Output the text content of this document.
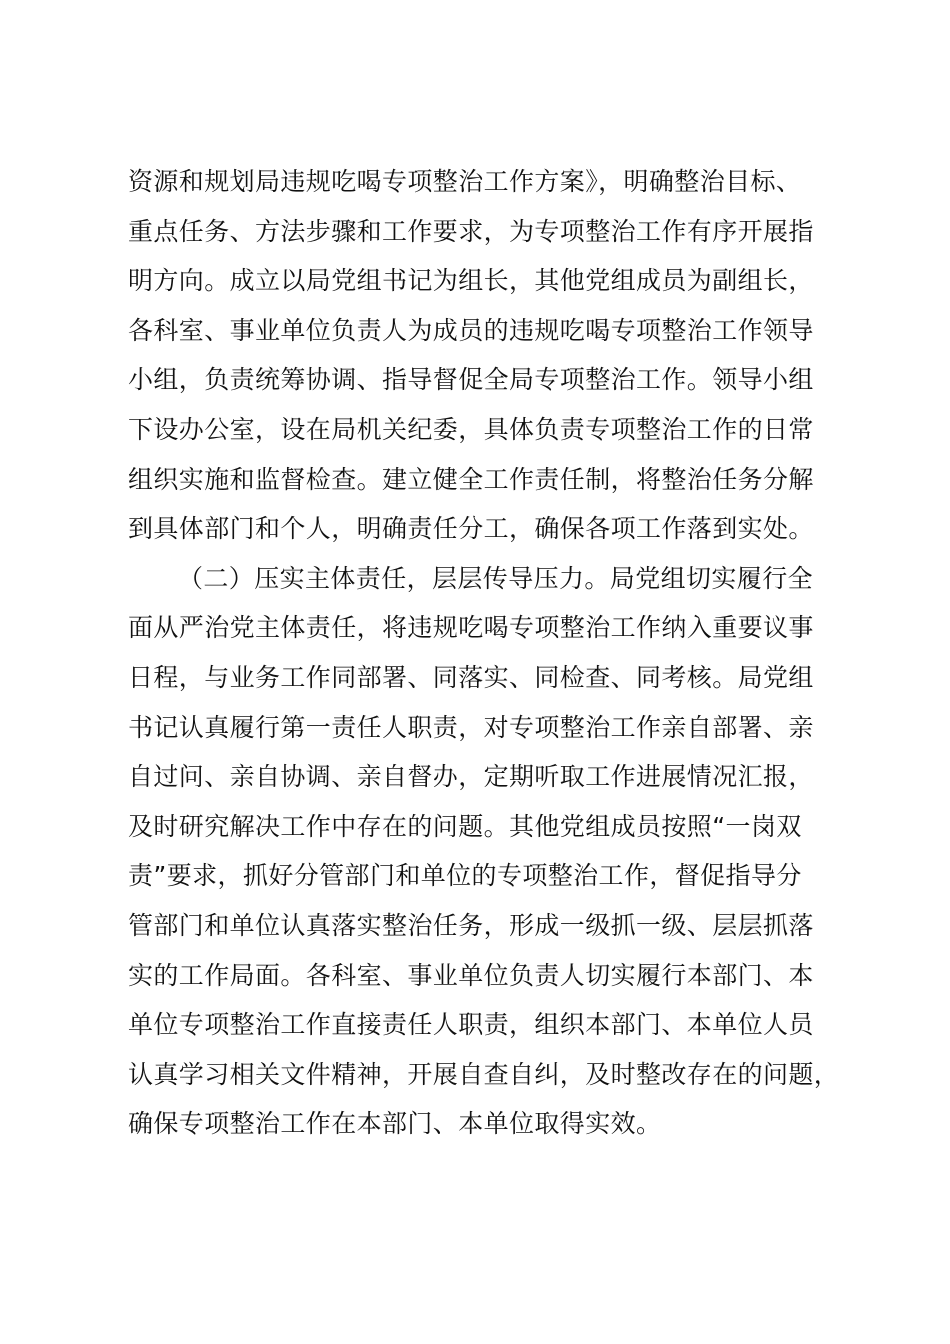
资源和规划局违规吃喝专项整治工作方案》，明确整治目标、
重点任务、方法步骤和工作要求，为专项整治工作有序开展指
明方向。成立以局党组书记为组长，其他党组成员为副组长，
各科室、事业单位负责人为成员的违规吃喝专项整治工作领导
小组，负责统筹协调、指导督促全局专项整治工作。领导小组
下设办公室，设在局机关纪委，具体负责专项整治工作的日常
组织实施和监督检查。建立健全工作责任制，将整治任务分解
到具体部门和个人，明确责任分工，确保各项工作落到实处。
（二）压实主体责任，层层传导压力。局党组切实履行全
面从严治党主体责任，将违规吃喝专项整治工作纳入重要议事
日程，与业务工作同部署、同落实、同检查、同考核。局党组
书记认真履行第一责任人职责，对专项整治工作亲自部署、亲
自过问、亲自协调、亲自督办，定期听取工作进展情况汇报，
及时研究解决工作中存在的问题。其他党组成员按照“一岗双
责”要求，抓好分管部门和单位的专项整治工作，督促指导分
管部门和单位认真落实整治任务，形成一级抓一级、层层抓落
实的工作局面。各科室、事业单位负责人切实履行本部门、本
单位专项整治工作直接责任人职责，组织本部门、本单位人员
认真学习相关文件精神，开展自查自纠，及时整改存在的问题，
确保专项整治工作在本部门、本单位取得实效。
